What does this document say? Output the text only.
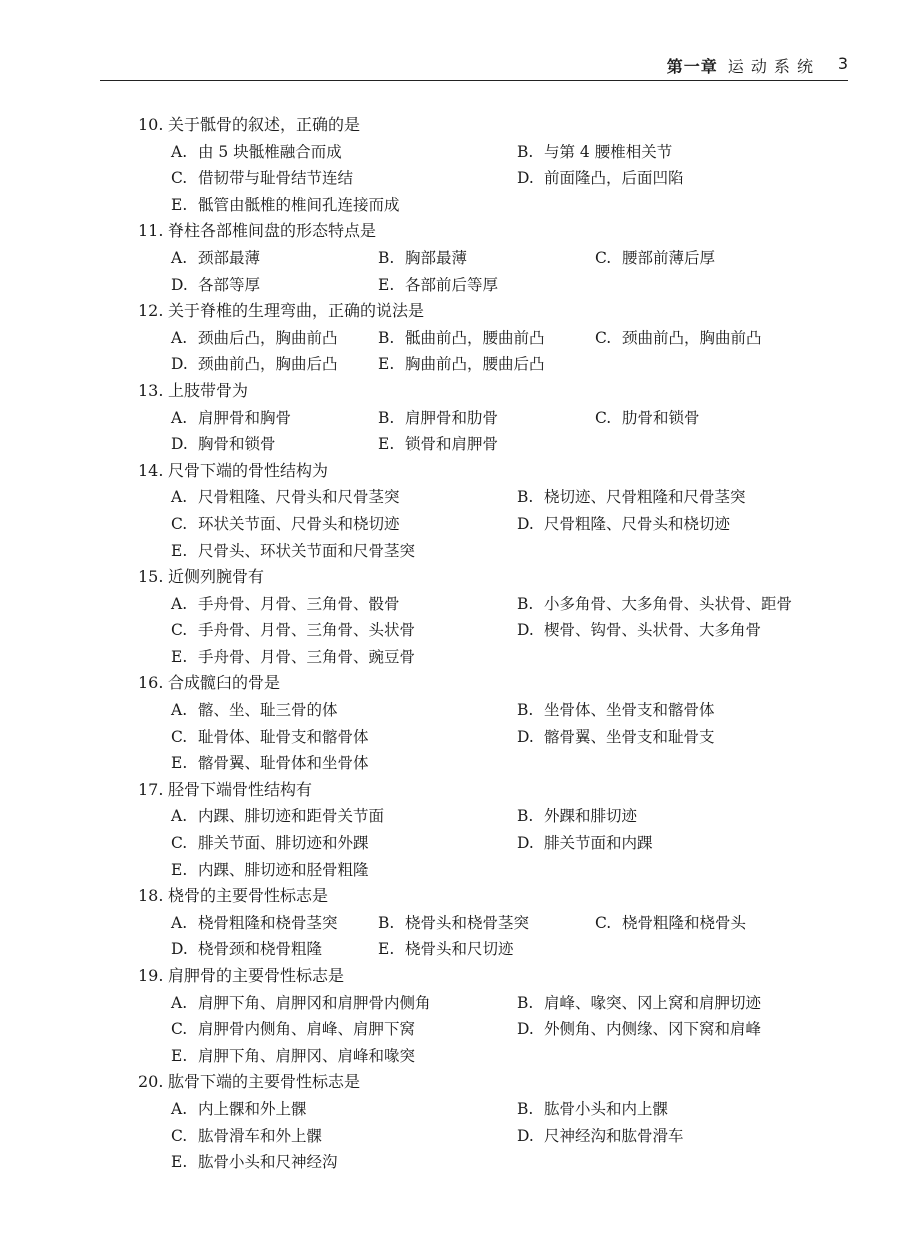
第一章 运 动 系 统 3
10. 关于骶骨的叙述，正确的是
A. 由 5 块骶椎融合而成	B. 与第 4 腰椎相关节
C. 借韧带与耻骨结节连结	D. 前面隆凸，后面凹陷
E. 骶管由骶椎的椎间孔连接而成
11. 脊柱各部椎间盘的形态特点是
A. 颈部最薄	B. 胸部最薄	C. 腰部前薄后厚
D. 各部等厚	E. 各部前后等厚
12. 关于脊椎的生理弯曲，正确的说法是
A. 颈曲后凸，胸曲前凸	B. 骶曲前凸，腰曲前凸	C. 颈曲前凸，胸曲前凸
D. 颈曲前凸，胸曲后凸	E. 胸曲前凸，腰曲后凸
13. 上肢带骨为
A. 肩胛骨和胸骨	B. 肩胛骨和肋骨	C. 肋骨和锁骨
D. 胸骨和锁骨	E. 锁骨和肩胛骨
14. 尺骨下端的骨性结构为
A. 尺骨粗隆、尺骨头和尺骨茎突	B. 桡切迹、尺骨粗隆和尺骨茎突
C. 环状关节面、尺骨头和桡切迹	D. 尺骨粗隆、尺骨头和桡切迹
E. 尺骨头、环状关节面和尺骨茎突
15. 近侧列腕骨有
A. 手舟骨、月骨、三角骨、骰骨	B. 小多角骨、大多角骨、头状骨、距骨
C. 手舟骨、月骨、三角骨、头状骨	D. 楔骨、钩骨、头状骨、大多角骨
E. 手舟骨、月骨、三角骨、豌豆骨
16. 合成髋臼的骨是
A. 髂、坐、耻三骨的体	B. 坐骨体、坐骨支和髂骨体
C. 耻骨体、耻骨支和髂骨体	D. 髂骨翼、坐骨支和耻骨支
E. 髂骨翼、耻骨体和坐骨体
17. 胫骨下端骨性结构有
A. 内踝、腓切迹和距骨关节面	B. 外踝和腓切迹
C. 腓关节面、腓切迹和外踝	D. 腓关节面和内踝
E. 内踝、腓切迹和胫骨粗隆
18. 桡骨的主要骨性标志是
A. 桡骨粗隆和桡骨茎突	B. 桡骨头和桡骨茎突	C. 桡骨粗隆和桡骨头
D. 桡骨颈和桡骨粗隆	E. 桡骨头和尺切迹
19. 肩胛骨的主要骨性标志是
A. 肩胛下角、肩胛冈和肩胛骨内侧角	B. 肩峰、喙突、冈上窝和肩胛切迹
C. 肩胛骨内侧角、肩峰、肩胛下窝	D. 外侧角、内侧缘、冈下窝和肩峰
E. 肩胛下角、肩胛冈、肩峰和喙突
20. 肱骨下端的主要骨性标志是
A. 内上髁和外上髁	B. 肱骨小头和内上髁
C. 肱骨滑车和外上髁	D. 尺神经沟和肱骨滑车
E. 肱骨小头和尺神经沟
